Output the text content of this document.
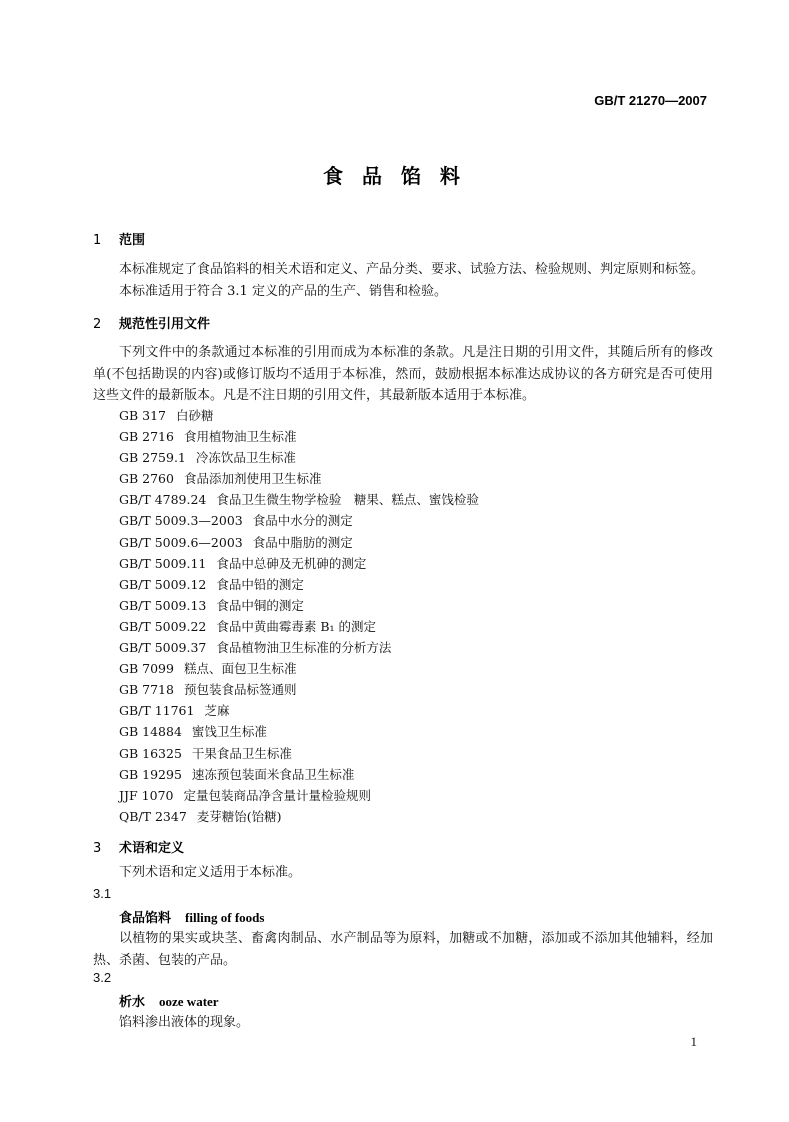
GB/T 21270—2007
食 品 馅 料
1 范围
本标准规定了食品馅料的相关术语和定义、产品分类、要求、试验方法、检验规则、判定原则和标签。
本标准适用于符合 3.1 定义的产品的生产、销售和检验。
2 规范性引用文件
下列文件中的条款通过本标准的引用而成为本标准的条款。凡是注日期的引用文件，其随后所有的修改单(不包括勘误的内容)或修订版均不适用于本标准，然而，鼓励根据本标准达成协议的各方研究是否可使用这些文件的最新版本。凡是不注日期的引用文件，其最新版本适用于本标准。
GB 317 白砂糖
GB 2716 食用植物油卫生标准
GB 2759.1 冷冻饮品卫生标准
GB 2760 食品添加剂使用卫生标准
GB/T 4789.24 食品卫生微生物学检验　糖果、糕点、蜜饯检验
GB/T 5009.3—2003 食品中水分的测定
GB/T 5009.6—2003 食品中脂肪的测定
GB/T 5009.11 食品中总砷及无机砷的测定
GB/T 5009.12 食品中铅的测定
GB/T 5009.13 食品中铜的测定
GB/T 5009.22 食品中黄曲霉毒素 B₁ 的测定
GB/T 5009.37 食品植物油卫生标准的分析方法
GB 7099 糕点、面包卫生标准
GB 7718 预包装食品标签通则
GB/T 11761 芝麻
GB 14884 蜜饯卫生标准
GB 16325 干果食品卫生标准
GB 19295 速冻预包装面米食品卫生标准
JJF 1070 定量包装商品净含量计量检验规则
QB/T 2347 麦芽糖饴(饴糖)
3 术语和定义
下列术语和定义适用于本标准。
3.1
食品馅料 filling of foods
以植物的果实或块茎、畜禽肉制品、水产制品等为原料，加糖或不加糖，添加或不添加其他辅料，经加热、杀菌、包装的产品。
3.2
析水 ooze water
馅料渗出液体的现象。
1
